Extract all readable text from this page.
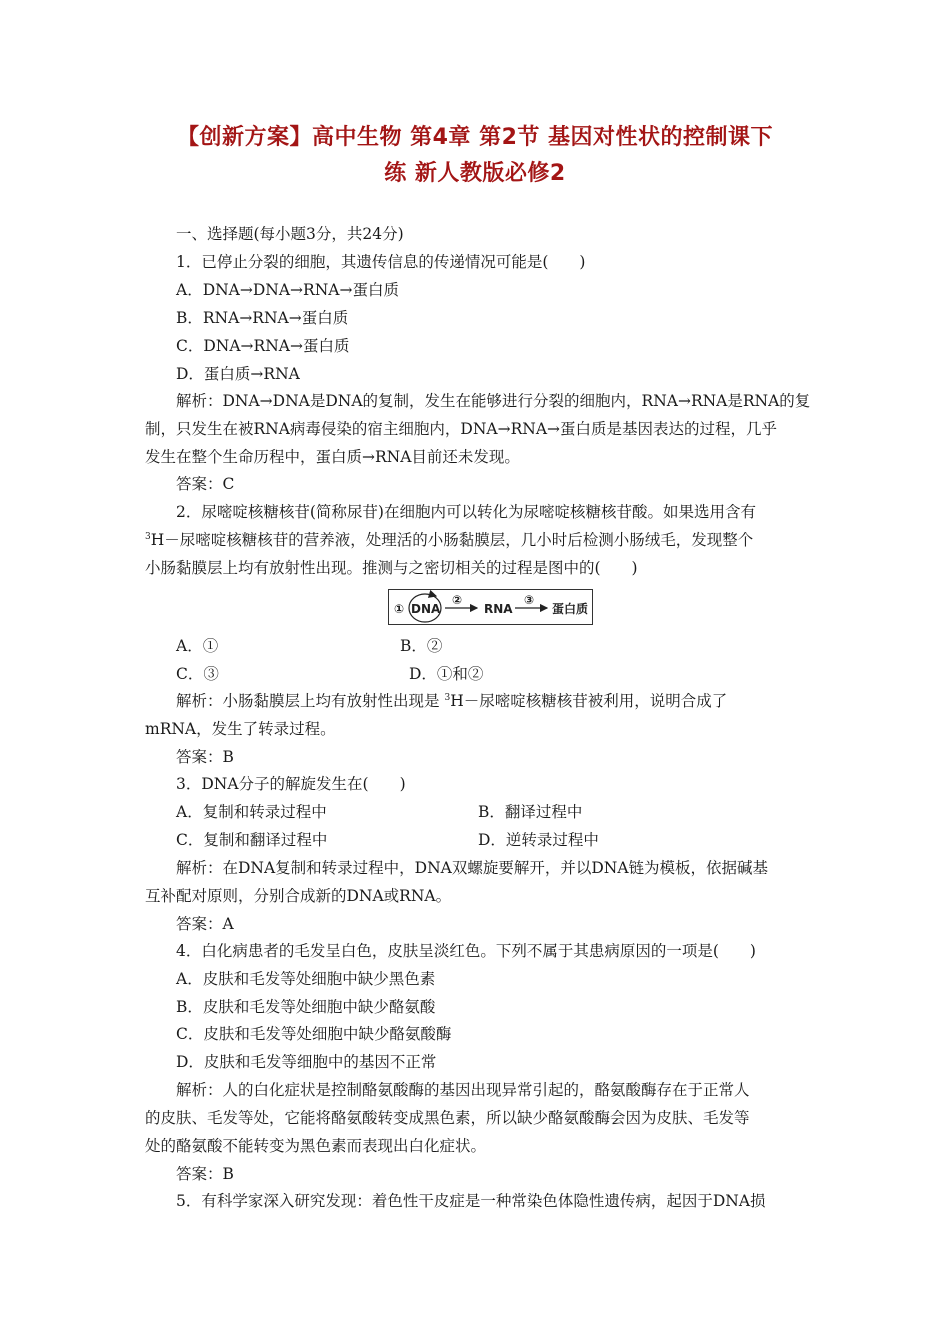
【创新方案】高中生物 第4章 第2节 基因对性状的控制课下
练 新人教版必修2
一、选择题(每小题3分，共24分)
1．已停止分裂的细胞，其遗传信息的传递情况可能是(　　)
A．DNA→DNA→RNA→蛋白质
B．RNA→RNA→蛋白质
C．DNA→RNA→蛋白质
D．蛋白质→RNA
解析：DNA→DNA是DNA的复制，发生在能够进行分裂的细胞内，RNA→RNA是RNA的复
制，只发生在被RNA病毒侵染的宿主细胞内，DNA→RNA→蛋白质是基因表达的过程，几乎
发生在整个生命历程中，蛋白质→RNA目前还未发现。
答案：C
2．尿嘧啶核糖核苷(简称尿苷)在细胞内可以转化为尿嘧啶核糖核苷酸。如果选用含有
$^3$H－尿嘧啶核糖核苷的营养液，处理活的小肠黏膜层，几小时后检测小肠绒毛，发现整个
小肠黏膜层上均有放射性出现。推测与之密切相关的过程是图中的(　　)
① DNA
②
RNA
③
蛋白质
A．①	B．②
C．③	D．①和②
解析：小肠黏膜层上均有放射性出现是 $^3$H－尿嘧啶核糖核苷被利用，说明合成了
mRNA，发生了转录过程。
答案：B
3．DNA分子的解旋发生在(　　)
A．复制和转录过程中	B．翻译过程中
C．复制和翻译过程中	D．逆转录过程中
解析：在DNA复制和转录过程中，DNA双螺旋要解开，并以DNA链为模板，依据碱基
互补配对原则，分别合成新的DNA或RNA。
答案：A
4．白化病患者的毛发呈白色，皮肤呈淡红色。下列不属于其患病原因的一项是(　　)
A．皮肤和毛发等处细胞中缺少黑色素
B．皮肤和毛发等处细胞中缺少酪氨酸
C．皮肤和毛发等处细胞中缺少酪氨酸酶
D．皮肤和毛发等细胞中的基因不正常
解析：人的白化症状是控制酪氨酸酶的基因出现异常引起的，酪氨酸酶存在于正常人
的皮肤、毛发等处，它能将酪氨酸转变成黑色素，所以缺少酪氨酸酶会因为皮肤、毛发等
处的酪氨酸不能转变为黑色素而表现出白化症状。
答案：B
5．有科学家深入研究发现：着色性干皮症是一种常染色体隐性遗传病，起因于DNA损
